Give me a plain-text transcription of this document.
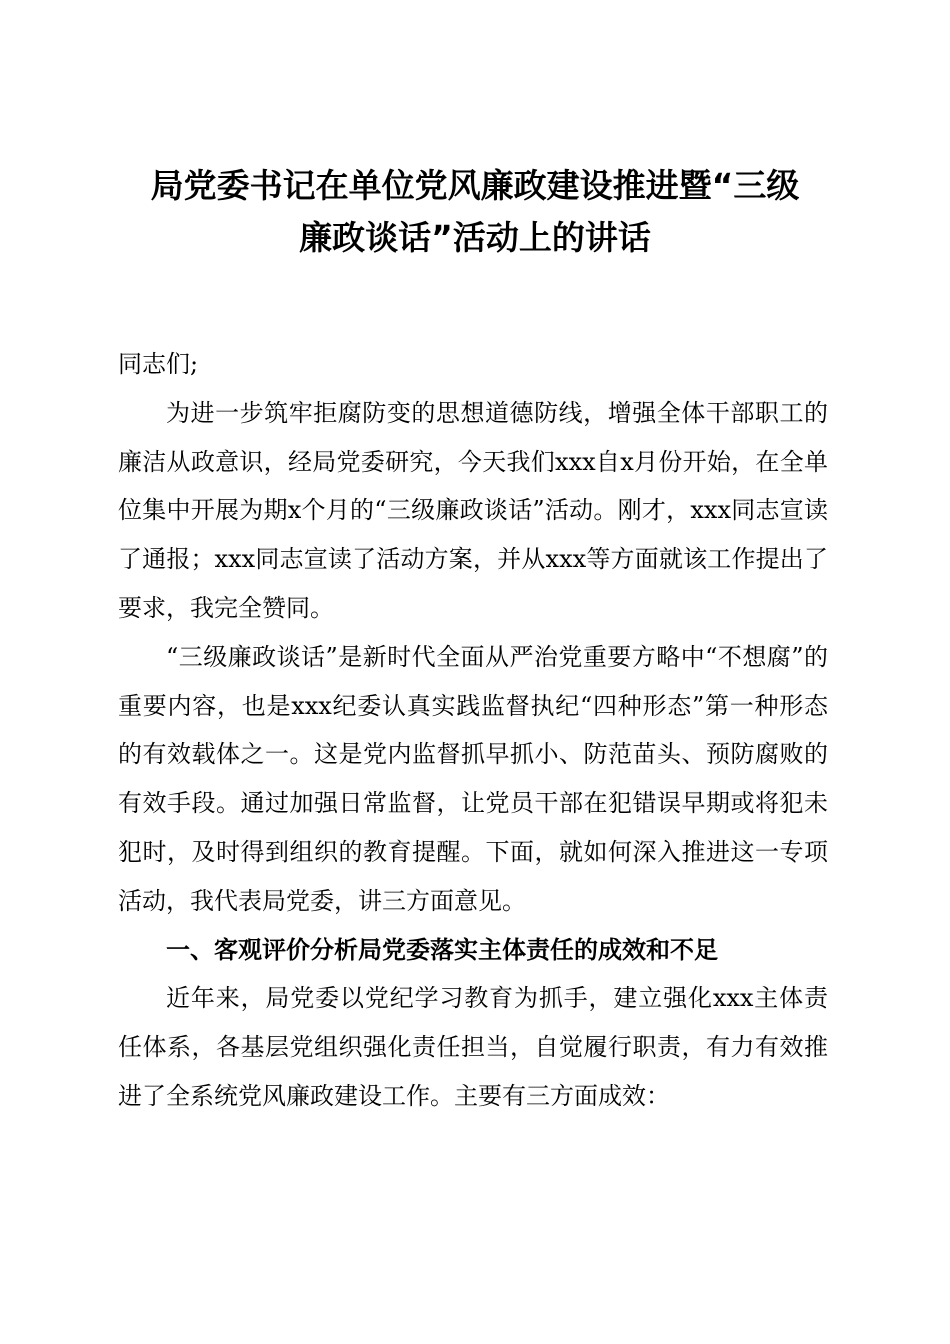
局党委书记在单位党风廉政建设推进暨“三级
廉政谈话”活动上的讲话

同志们;

为进一步筑牢拒腐防变的思想道德防线，增强全体干部职工的廉洁从政意识，经局党委研究，今天我们xxx自x月份开始，在全单位集中开展为期x个月的“三级廉政谈话”活动。刚才，xxx同志宣读了通报；xxx同志宣读了活动方案，并从xxx等方面就该工作提出了要求，我完全赞同。

“三级廉政谈话”是新时代全面从严治党重要方略中“不想腐”的重要内容，也是xxx纪委认真实践监督执纪“四种形态”第一种形态的有效载体之一。这是党内监督抓早抓小、防范苗头、预防腐败的有效手段。通过加强日常监督，让党员干部在犯错误早期或将犯未犯时，及时得到组织的教育提醒。下面，就如何深入推进这一专项活动，我代表局党委，讲三方面意见。

一、客观评价分析局党委落实主体责任的成效和不足

近年来，局党委以党纪学习教育为抓手，建立强化xxx主体责任体系，各基层党组织强化责任担当，自觉履行职责，有力有效推进了全系统党风廉政建设工作。主要有三方面成效：
